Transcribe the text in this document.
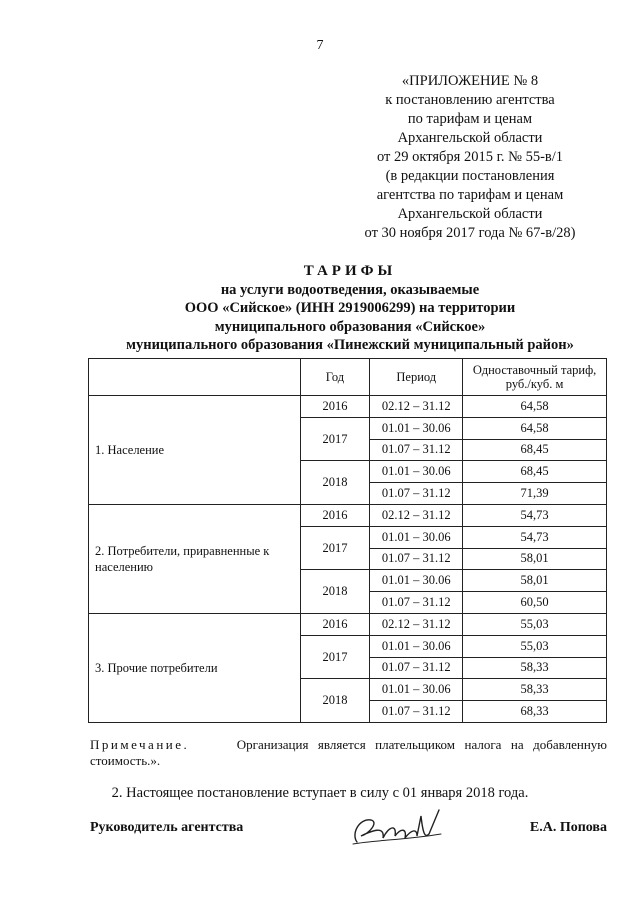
7
«ПРИЛОЖЕНИЕ № 8
к постановлению агентства
по тарифам и ценам
Архангельской области
от 29 октября 2015 г. № 55-в/1
(в редакции постановления
агентства по тарифам и ценам
Архангельской области
от 30 ноября 2017 года № 67-в/28)
ТАРИФЫ
на услуги водоотведения, оказываемые
ООО «Сийское» (ИНН 2919006299) на территории
муниципального образования «Сийское»
муниципального образования «Пинежский муниципальный район»
	Год	Период	Одноставочный тариф, руб./куб. м
1. Население	2016	02.12 – 31.12	64,58
	2017	01.01 – 30.06	64,58
		01.07 – 31.12	68,45
	2018	01.01 – 30.06	68,45
		01.07 – 31.12	71,39
2. Потребители, приравненные к населению	2016	02.12 – 31.12	54,73
	2017	01.01 – 30.06	54,73
		01.07 – 31.12	58,01
	2018	01.01 – 30.06	58,01
		01.07 – 31.12	60,50
3. Прочие потребители	2016	02.12 – 31.12	55,03
	2017	01.01 – 30.06	55,03
		01.07 – 31.12	58,33
	2018	01.01 – 30.06	58,33
		01.07 – 31.12	68,33
Примечание.	Организация является плательщиком налога на добавленную стоимость.».
2. Настоящее постановление вступает в силу с 01 января 2018 года.
Руководитель агентства	Е.А. Попова
